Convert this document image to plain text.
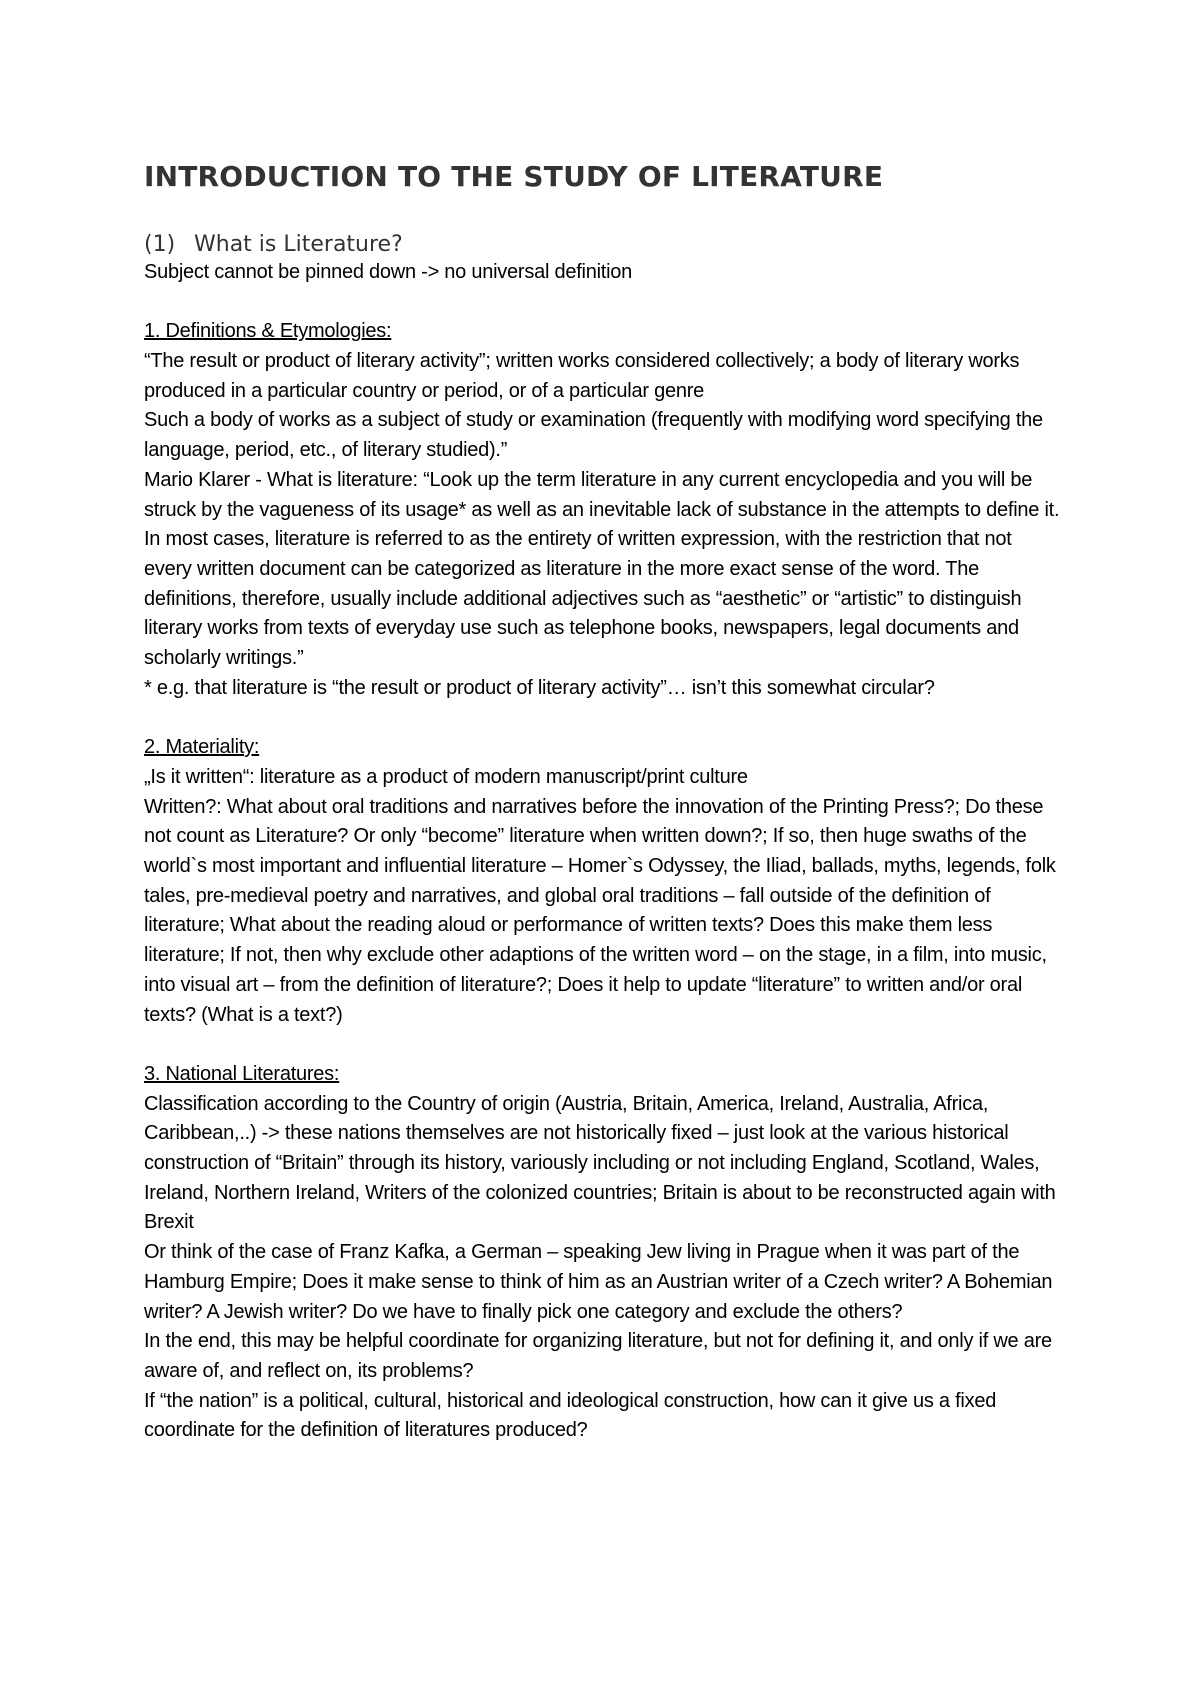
INTRODUCTION TO THE STUDY OF LITERATURE
(1) What is Literature?

Subject cannot be pinned down -> no universal definition

1. Definitions & Etymologies:

“The result or product of literary activity”; written works considered collectively; a body of literary works produced in a particular country or period, or of a particular genre

Such a body of works as a subject of study or examination (frequently with modifying word specifying the language, period, etc., of literary studied).”

Mario Klarer - What is literature: “Look up the term literature in any current encyclopedia and you will be struck by the vagueness of its usage* as well as an inevitable lack of substance in the attempts to define it. In most cases, literature is referred to as the entirety of written expression, with the restriction that not every written document can be categorized as literature in the more exact sense of the word. The definitions, therefore, usually include additional adjectives such as “aesthetic” or “artistic” to distinguish literary works from texts of everyday use such as telephone books, newspapers, legal documents and scholarly writings.”

* e.g. that literature is “the result or product of literary activity”… isn’t this somewhat circular?

2. Materiality:

„Is it written“: literature as a product of modern manuscript/print culture

Written?: What about oral traditions and narratives before the innovation of the Printing Press?; Do these not count as Literature? Or only “become” literature when written down?; If so, then huge swaths of the world`s most important and influential literature – Homer`s Odyssey, the Iliad, ballads, myths, legends, folk tales, pre-medieval poetry and narratives, and global oral traditions – fall outside of the definition of literature; What about the reading aloud or performance of written texts? Does this make them less literature; If not, then why exclude other adaptions of the written word – on the stage, in a film, into music, into visual art – from the definition of literature?; Does it help to update “literature” to written and/or oral texts? (What is a text?)

3. National Literatures:

Classification according to the Country of origin (Austria, Britain, America, Ireland, Australia, Africa, Caribbean,..) -> these nations themselves are not historically fixed – just look at the various historical construction of “Britain” through its history, variously including or not including England, Scotland, Wales, Ireland, Northern Ireland, Writers of the colonized countries; Britain is about to be reconstructed again with Brexit

Or think of the case of Franz Kafka, a German – speaking Jew living in Prague when it was part of the Hamburg Empire; Does it make sense to think of him as an Austrian writer of a Czech writer? A Bohemian writer? A Jewish writer? Do we have to finally pick one category and exclude the others?

In the end, this may be helpful coordinate for organizing literature, but not for defining it, and only if we are aware of, and reflect on, its problems?

If “the nation” is a political, cultural, historical and ideological construction, how can it give us a fixed coordinate for the definition of literatures produced?
